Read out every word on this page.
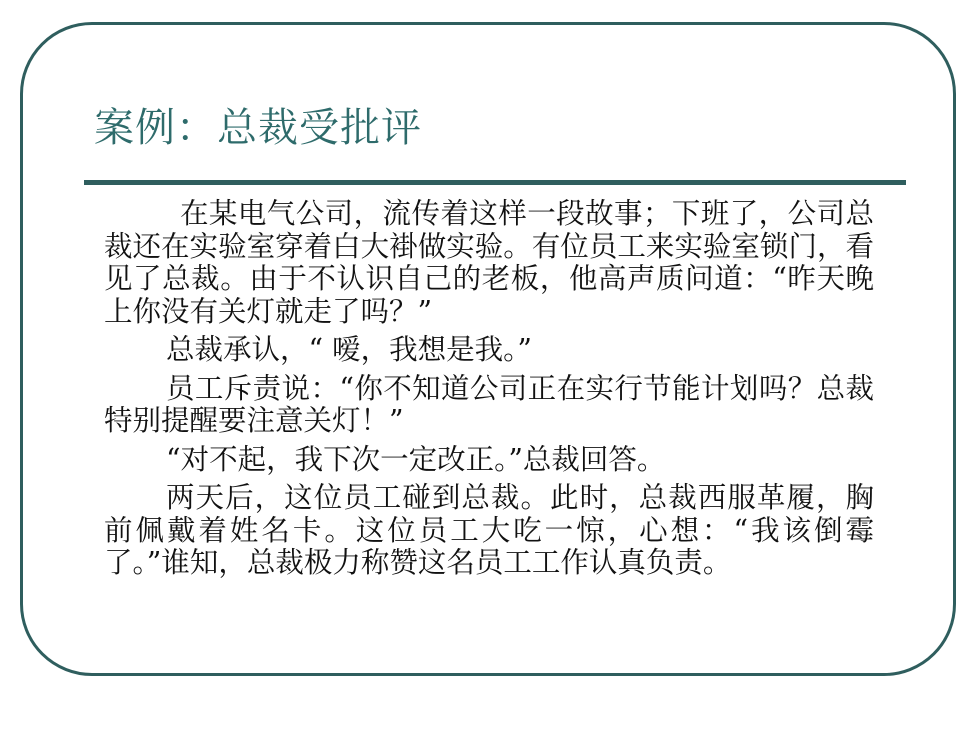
案例：总裁受批评

在某电气公司，流传着这样一段故事；下班了，公司总裁还在实验室穿着白大褂做实验。有位员工来实验室锁门，看见了总裁。由于不认识自己的老板，他高声质问道：“昨天晚上你没有关灯就走了吗？”

总裁承认，“ 嗳，我想是我。”

员工斥责说：“你不知道公司正在实行节能计划吗？总裁特别提醒要注意关灯！”

“对不起，我下次一定改正。”总裁回答。

两天后，这位员工碰到总裁。此时，总裁西服革履，胸前佩戴着姓名卡。这位员工大吃一惊，心想：“我该倒霉了。”谁知，总裁极力称赞这名员工工作认真负责。
